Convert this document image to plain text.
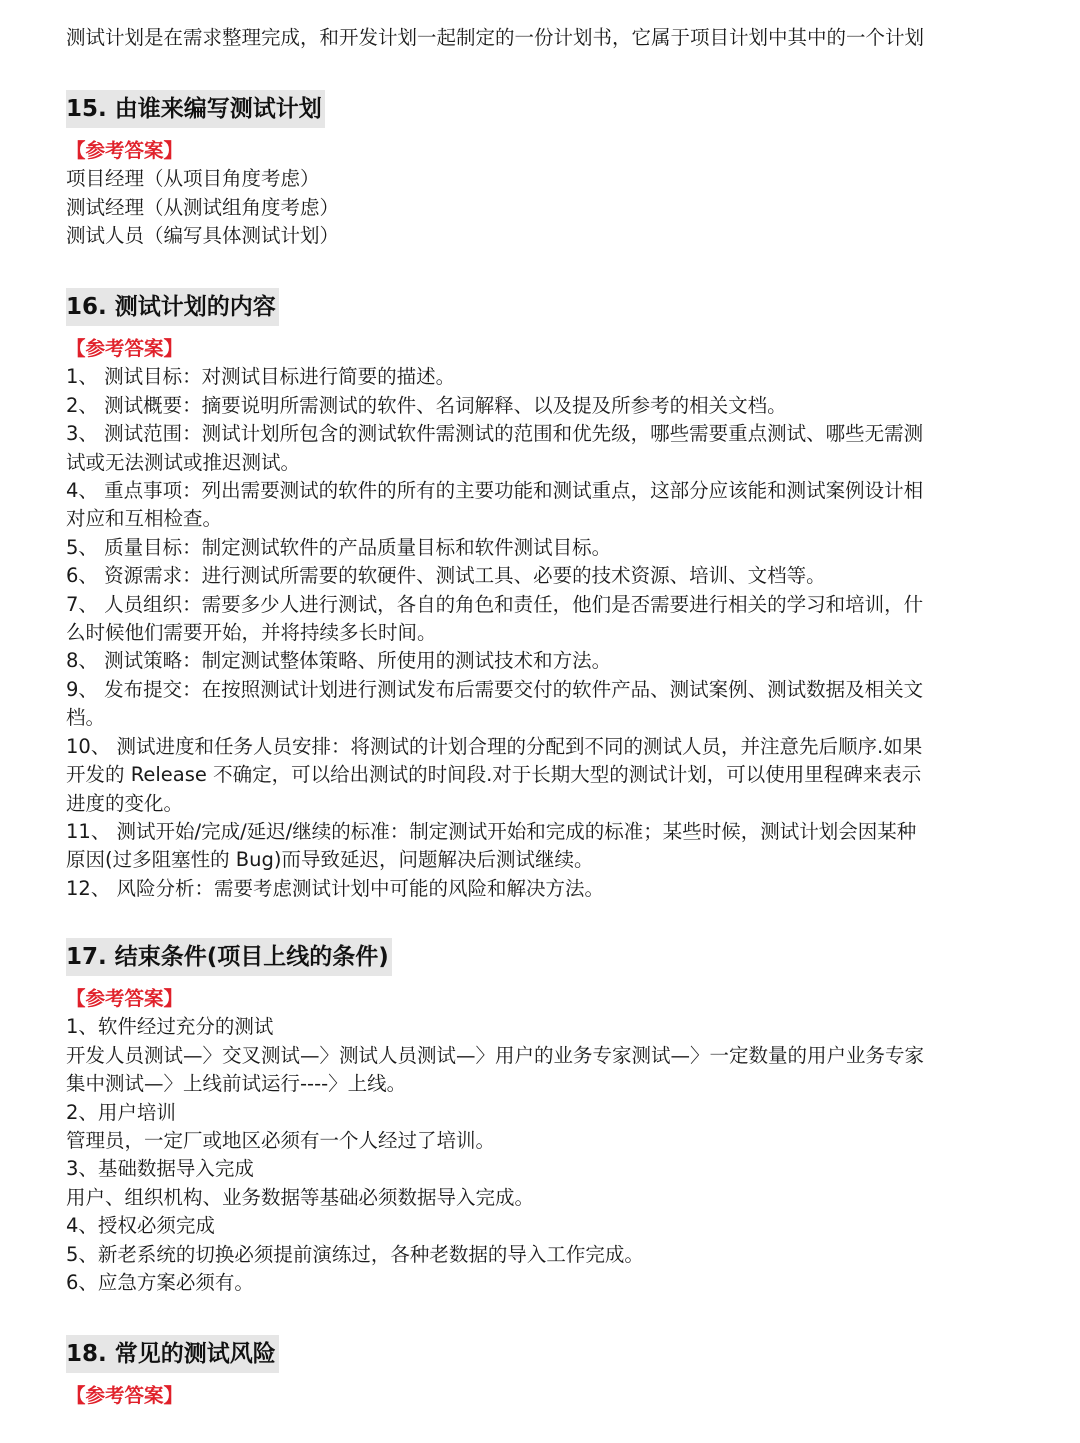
测试计划是在需求整理完成，和开发计划一起制定的一份计划书，它属于项目计划中其中的一个计划
15. 由谁来编写测试计划
【参考答案】
项目经理（从项目角度考虑）
测试经理（从测试组角度考虑）
测试人员（编写具体测试计划）
16. 测试计划的内容
【参考答案】
1、 测试目标：对测试目标进行简要的描述。
2、 测试概要：摘要说明所需测试的软件、名词解释、以及提及所参考的相关文档。
3、 测试范围：测试计划所包含的测试软件需测试的范围和优先级，哪些需要重点测试、哪些无需测
试或无法测试或推迟测试。
4、 重点事项：列出需要测试的软件的所有的主要功能和测试重点，这部分应该能和测试案例设计相
对应和互相检查。
5、 质量目标：制定测试软件的产品质量目标和软件测试目标。
6、 资源需求：进行测试所需要的软硬件、测试工具、必要的技术资源、培训、文档等。
7、 人员组织：需要多少人进行测试，各自的角色和责任，他们是否需要进行相关的学习和培训，什
么时候他们需要开始，并将持续多长时间。
8、 测试策略：制定测试整体策略、所使用的测试技术和方法。
9、 发布提交：在按照测试计划进行测试发布后需要交付的软件产品、测试案例、测试数据及相关文
档。
10、 测试进度和任务人员安排：将测试的计划合理的分配到不同的测试人员，并注意先后顺序.如果
开发的 Release 不确定，可以给出测试的时间段.对于长期大型的测试计划，可以使用里程碑来表示
进度的变化。
11、 测试开始/完成/延迟/继续的标准：制定测试开始和完成的标准；某些时候，测试计划会因某种
原因(过多阻塞性的 Bug)而导致延迟，问题解决后测试继续。
12、 风险分析：需要考虑测试计划中可能的风险和解决方法。
17. 结束条件(项目上线的条件)
【参考答案】
1、软件经过充分的测试
开发人员测试—〉交叉测试—〉测试人员测试—〉用户的业务专家测试—〉一定数量的用户业务专家
集中测试—〉上线前试运行----〉上线。
2、用户培训
管理员，一定厂或地区必须有一个人经过了培训。
3、基础数据导入完成
用户、组织机构、业务数据等基础必须数据导入完成。
4、授权必须完成
5、新老系统的切换必须提前演练过，各种老数据的导入工作完成。
6、应急方案必须有。
18. 常见的测试风险
【参考答案】
